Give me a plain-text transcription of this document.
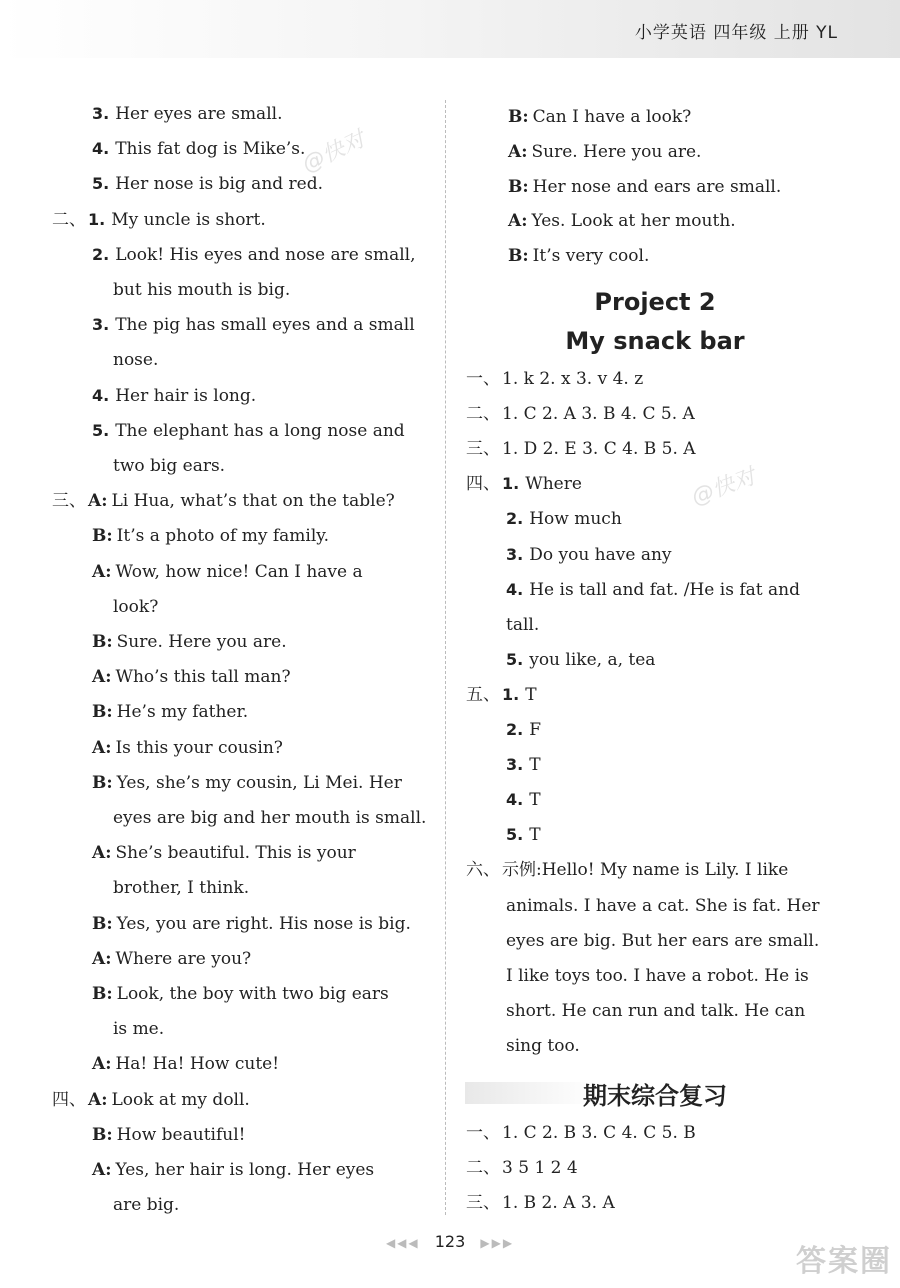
小学英语 四年级 上册 YL
3. Her eyes are small.
4. This fat dog is Mike’s.
5. Her nose is big and red.
二、 1. My uncle is short.
2. Look! His eyes and nose are small,
but his mouth is big.
3. The pig has small eyes and a small
nose.
4. Her hair is long.
5. The elephant has a long nose and
two big ears.
三、 A: Li Hua, what’s that on the table?
B: It’s a photo of my family.
A: Wow, how nice! Can I have a
look?
B: Sure. Here you are.
A: Who’s this tall man?
B: He’s my father.
A: Is this your cousin?
B: Yes, she’s my cousin, Li Mei. Her
eyes are big and her mouth is small.
A: She’s beautiful. This is your
brother, I think.
B: Yes, you are right. His nose is big.
A: Where are you?
B: Look, the boy with two big ears
is me.
A: Ha! Ha! How cute!
四、 A: Look at my doll.
B: How beautiful!
A: Yes, her hair is long. Her eyes
are big.
B: Can I have a look?
A: Sure. Here you are.
B: Her nose and ears are small.
A: Yes. Look at her mouth.
B: It’s very cool.
一、 1. k 2. x 3. v 4. z
二、 1. C 2. A 3. B 4. C 5. A
三、 1. D 2. E 3. C 4. B 5. A
四、 1. Where
2. How much
3. Do you have any
4. He is tall and fat. /He is fat and
tall.
5. you like, a, tea
五、 1. T
2. F
3. T
4. T
5. T
六、 示例:Hello! My name is Lily. I like
animals. I have a cat. She is fat. Her
eyes are big. But her ears are small.
I like toys too. I have a robot. He is
short. He can run and talk. He can
sing too.
一、 1. C 2. B 3. C 4. C 5. B
二、 3 5 1 2 4
三、 1. B 2. A 3. A
Project 2
My snack bar
期末综合复习
@快对
@快对
◀◀◀ 123 ▶▶▶
答案圈
